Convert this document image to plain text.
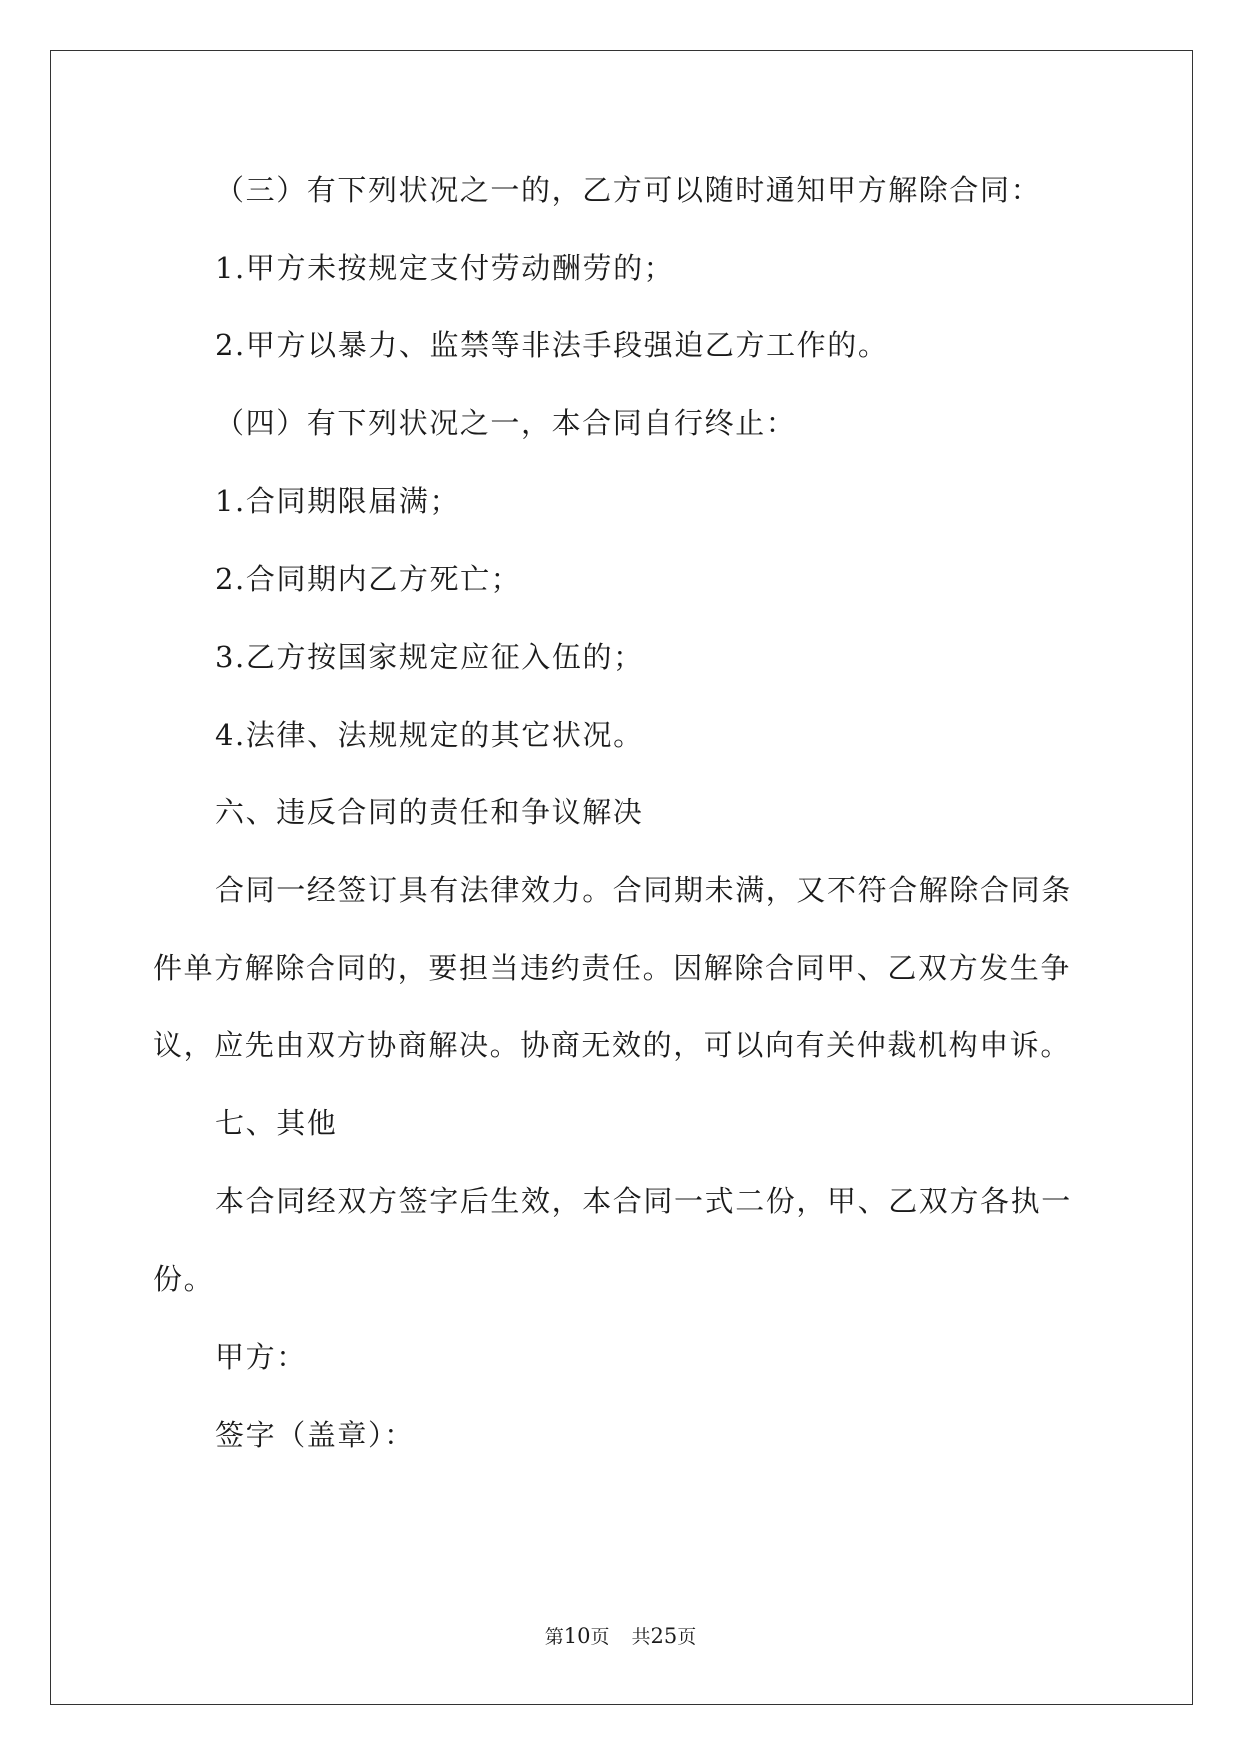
（三）有下列状况之一的，乙方可以随时通知甲方解除合同：

1.甲方未按规定支付劳动酬劳的；

2.甲方以暴力、监禁等非法手段强迫乙方工作的。

（四）有下列状况之一，本合同自行终止：

1.合同期限届满；

2.合同期内乙方死亡；

3.乙方按国家规定应征入伍的；

4.法律、法规规定的其它状况。

六、违反合同的责任和争议解决

合同一经签订具有法律效力。合同期未满，又不符合解除合同条

件单方解除合同的，要担当违约责任。因解除合同甲、乙双方发生争

议，应先由双方协商解决。协商无效的，可以向有关仲裁机构申诉。

七、其他

本合同经双方签字后生效，本合同一式二份，甲、乙双方各执一

份。

甲方：

签字（盖章）：

第10页 共25页
